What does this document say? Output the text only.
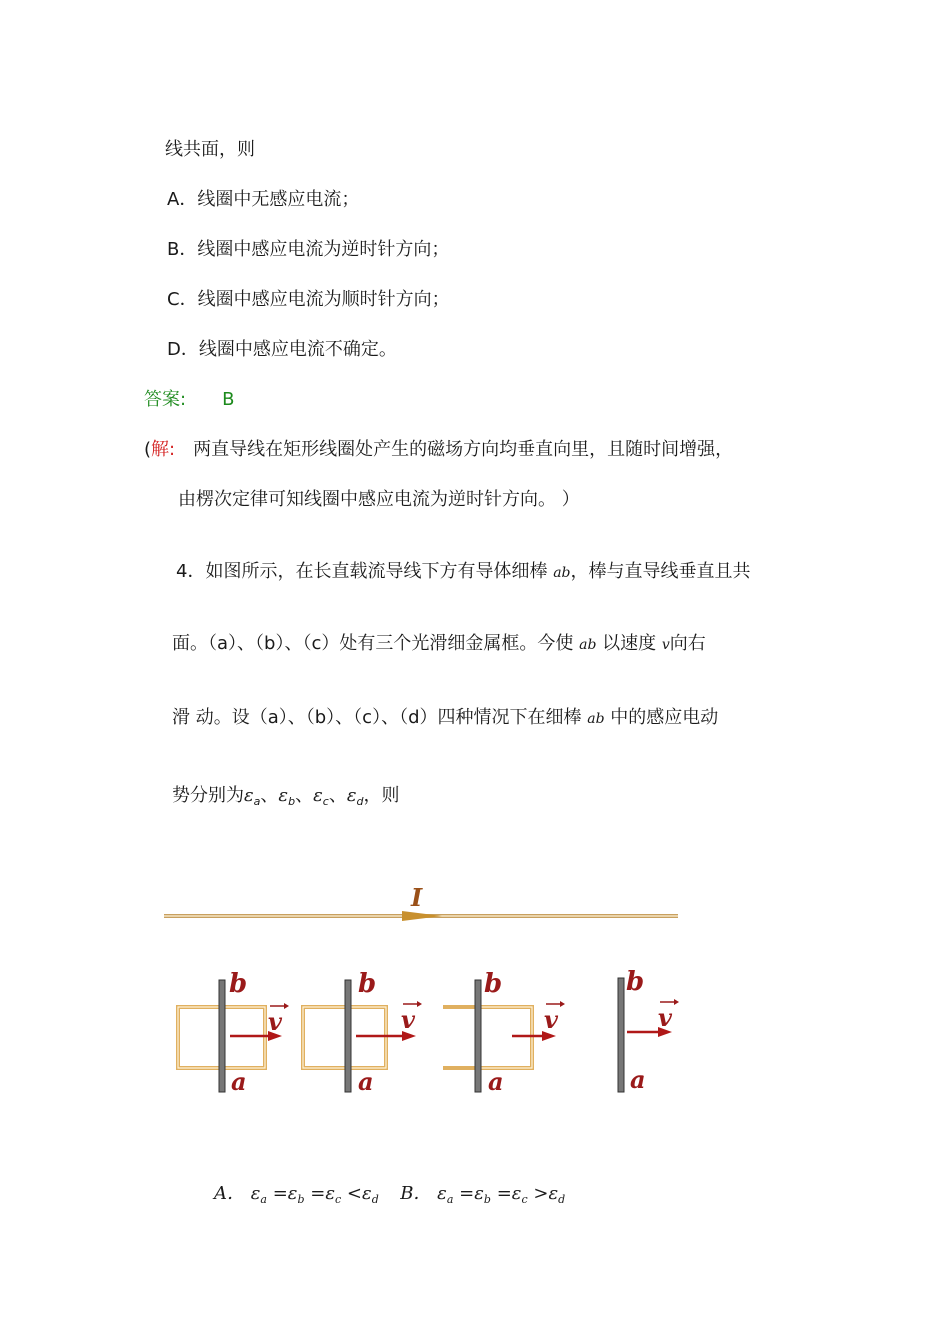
线共面，则
A．线圈中无感应电流；
B．线圈中感应电流为逆时针方向；
C．线圈中感应电流为顺时针方向；
D．线圈中感应电流不确定。
答案: B
(解: 两直导线在矩形线圈处产生的磁场方向均垂直向里，且随时间增强，
由楞次定律可知线圈中感应电流为逆时针方向。 ）
4．如图所示，在长直载流导线下方有导体细棒 ab，棒与直导线垂直且共
面。（a）、（b）、（c）处有三个光滑细金属框。今使 ab 以速度 v向右
滑 动。设（a）、（b）、（c）、（d）四种情况下在细棒 ab 中的感应电动
势分别为$\varepsilon_a$、$\varepsilon_b$、$\varepsilon_c$、$\varepsilon_d$，则
I
b
a
v
b
a
v
b
a
v
b
a
v
A． $\varepsilon_a =\varepsilon_b =\varepsilon_c <\varepsilon_d$ B． $\varepsilon_a =\varepsilon_b =\varepsilon_c >\varepsilon_d$
